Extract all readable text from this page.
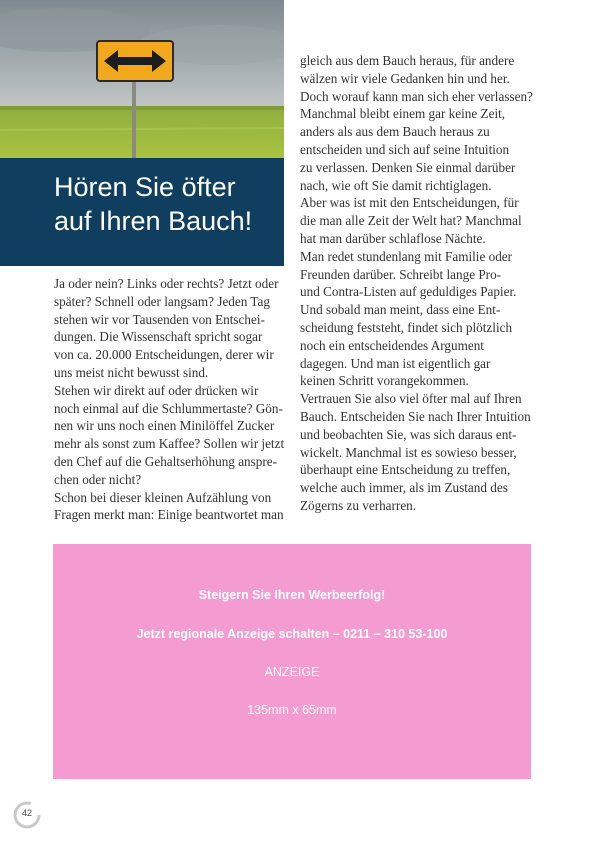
Hören Sie öfter
auf Ihren Bauch!

Ja oder nein? Links oder rechts? Jetzt oder

später? Schnell oder langsam? Jeden Tag

stehen wir vor Tausenden von Entschei-

dungen. Die Wissenschaft spricht sogar

von ca. 20.000 Entscheidungen, derer wir

uns meist nicht bewusst sind.

Stehen wir direkt auf oder drücken wir

noch einmal auf die Schlummertaste? Gön-

nen wir uns noch einen Minilöffel Zucker

mehr als sonst zum Kaffee? Sollen wir jetzt

den Chef auf die Gehaltserhöhung anspre-

chen oder nicht?

Schon bei dieser kleinen Aufzählung von

Fragen merkt man: Einige beantwortet man

gleich aus dem Bauch heraus, für andere

wälzen wir viele Gedanken hin und her.

Doch worauf kann man sich eher verlassen?

Manchmal bleibt einem gar keine Zeit,

anders als aus dem Bauch heraus zu

entscheiden und sich auf seine Intuition

zu verlassen. Denken Sie einmal darüber

nach, wie oft Sie damit richtiglagen.

Aber was ist mit den Entscheidungen, für

die man alle Zeit der Welt hat? Manchmal

hat man darüber schlaflose Nächte.

Man redet stundenlang mit Familie oder

Freunden darüber. Schreibt lange Pro-

und Contra-Listen auf geduldiges Papier.

Und sobald man meint, dass eine Ent-

scheidung feststeht, findet sich plötzlich

noch ein entscheidendes Argument

dagegen. Und man ist eigentlich gar

keinen Schritt vorangekommen.

Vertrauen Sie also viel öfter mal auf Ihren

Bauch. Entscheiden Sie nach Ihrer Intuition

und beobachten Sie, was sich daraus ent-

wickelt. Manchmal ist es sowieso besser,

überhaupt eine Entscheidung zu treffen,

welche auch immer, als im Zustand des

Zögerns zu verharren.

Steigern Sie Ihren Werbeerfolg!
Jetzt regionale Anzeige schalten – 0211 – 310 53-100
ANZEIGE
135mm x 65mm
42
